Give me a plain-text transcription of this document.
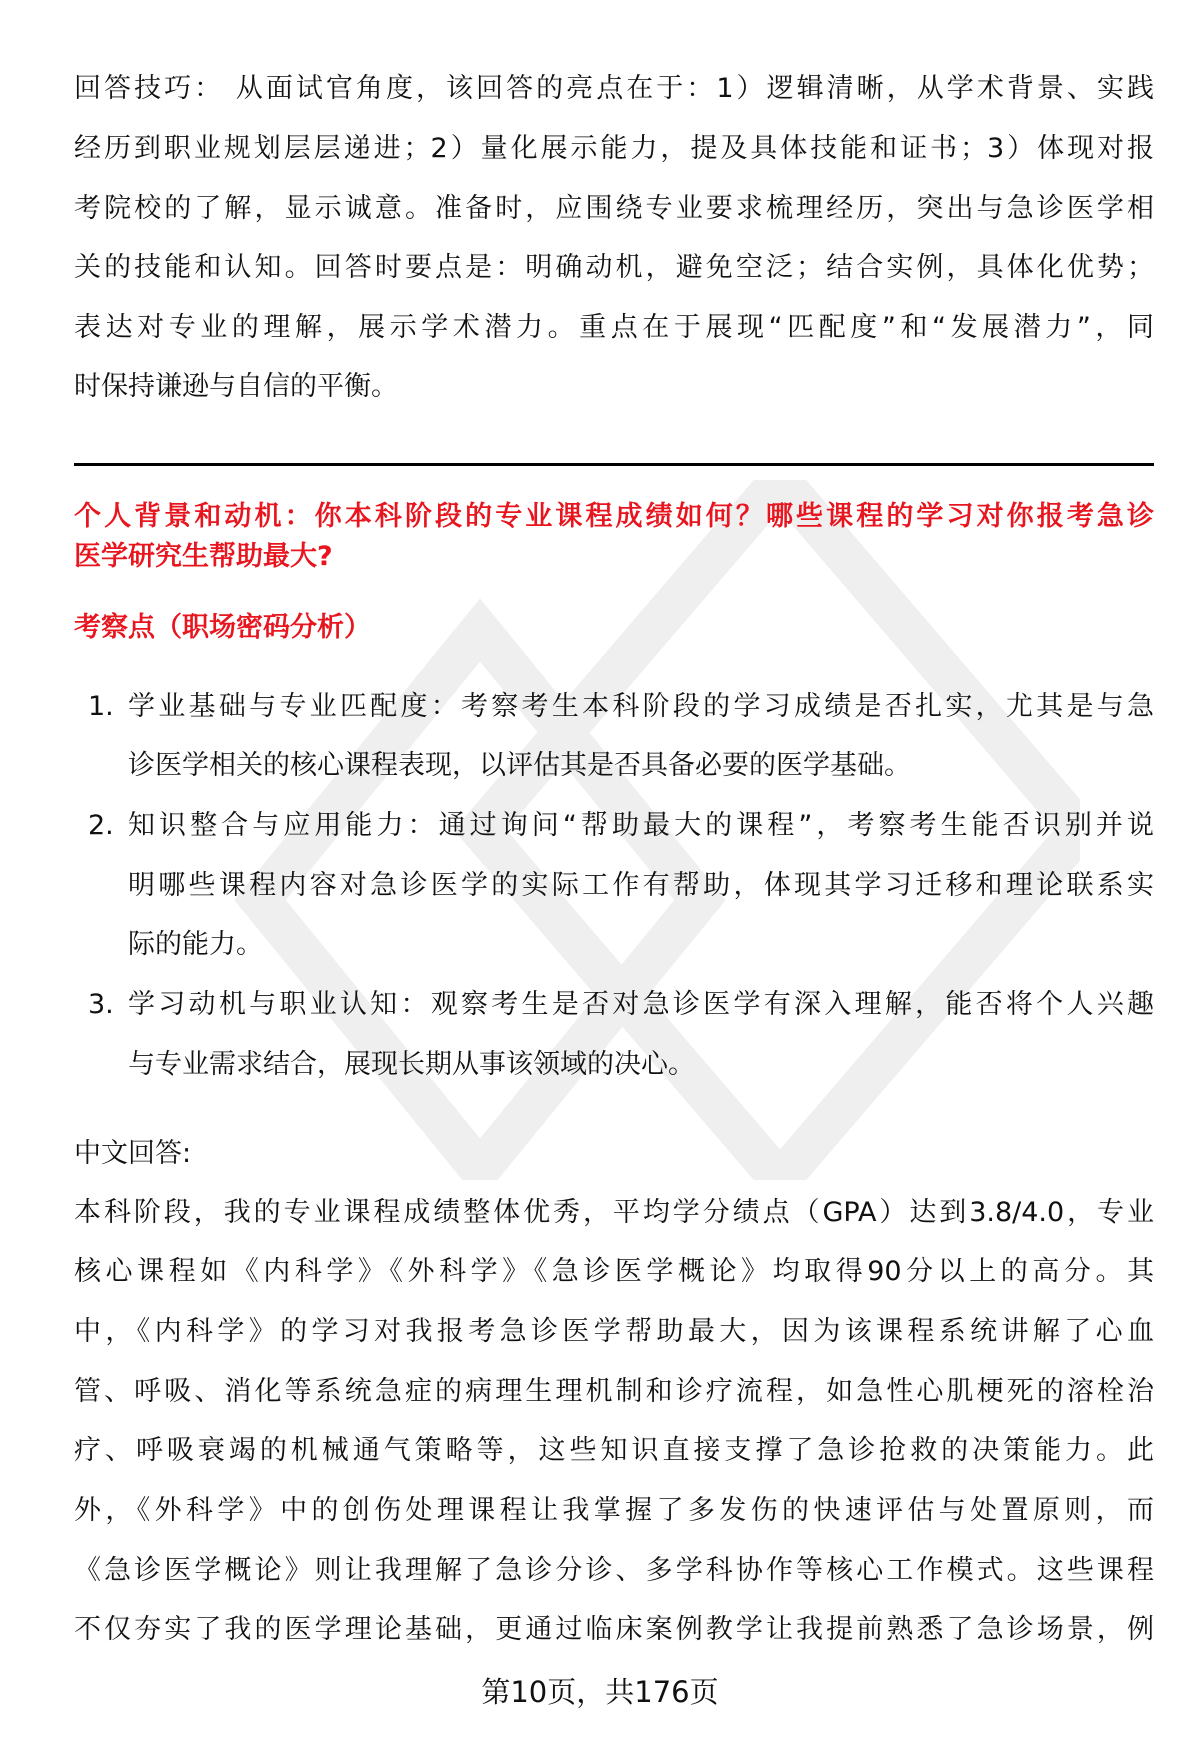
回答技巧： 从面试官角度，该回答的亮点在于：1）逻辑清晰，从学术背景、实践
经历到职业规划层层递进；2）量化展示能力，提及具体技能和证书；3）体现对报
考院校的了解，显示诚意。准备时，应围绕专业要求梳理经历，突出与急诊医学相
关的技能和认知。回答时要点是：明确动机，避免空泛；结合实例，具体化优势；
表达对专业的理解，展示学术潜力。重点在于展现“匹配度”和“发展潜力”，同
时保持谦逊与自信的平衡。
个人背景和动机：你本科阶段的专业课程成绩如何？哪些课程的学习对你报考急诊
医学研究生帮助最大?
考察点（职场密码分析）
1. 学业基础与专业匹配度：考察考生本科阶段的学习成绩是否扎实，尤其是与急
诊医学相关的核心课程表现，以评估其是否具备必要的医学基础。
2. 知识整合与应用能力：通过询问“帮助最大的课程”，考察考生能否识别并说
明哪些课程内容对急诊医学的实际工作有帮助，体现其学习迁移和理论联系实
际的能力。
3. 学习动机与职业认知：观察考生是否对急诊医学有深入理解，能否将个人兴趣
与专业需求结合，展现长期从事该领域的决心。
中文回答:
本科阶段，我的专业课程成绩整体优秀，平均学分绩点（GPA）达到3.8/4.0，专业
核心课程如《内科学》《外科学》《急诊医学概论》均取得90分以上的高分。其
中，《内科学》的学习对我报考急诊医学帮助最大，因为该课程系统讲解了心血
管、呼吸、消化等系统急症的病理生理机制和诊疗流程，如急性心肌梗死的溶栓治
疗、呼吸衰竭的机械通气策略等，这些知识直接支撑了急诊抢救的决策能力。此
外，《外科学》中的创伤处理课程让我掌握了多发伤的快速评估与处置原则，而
《急诊医学概论》则让我理解了急诊分诊、多学科协作等核心工作模式。这些课程
不仅夯实了我的医学理论基础，更通过临床案例教学让我提前熟悉了急诊场景，例
第10页，共176页
